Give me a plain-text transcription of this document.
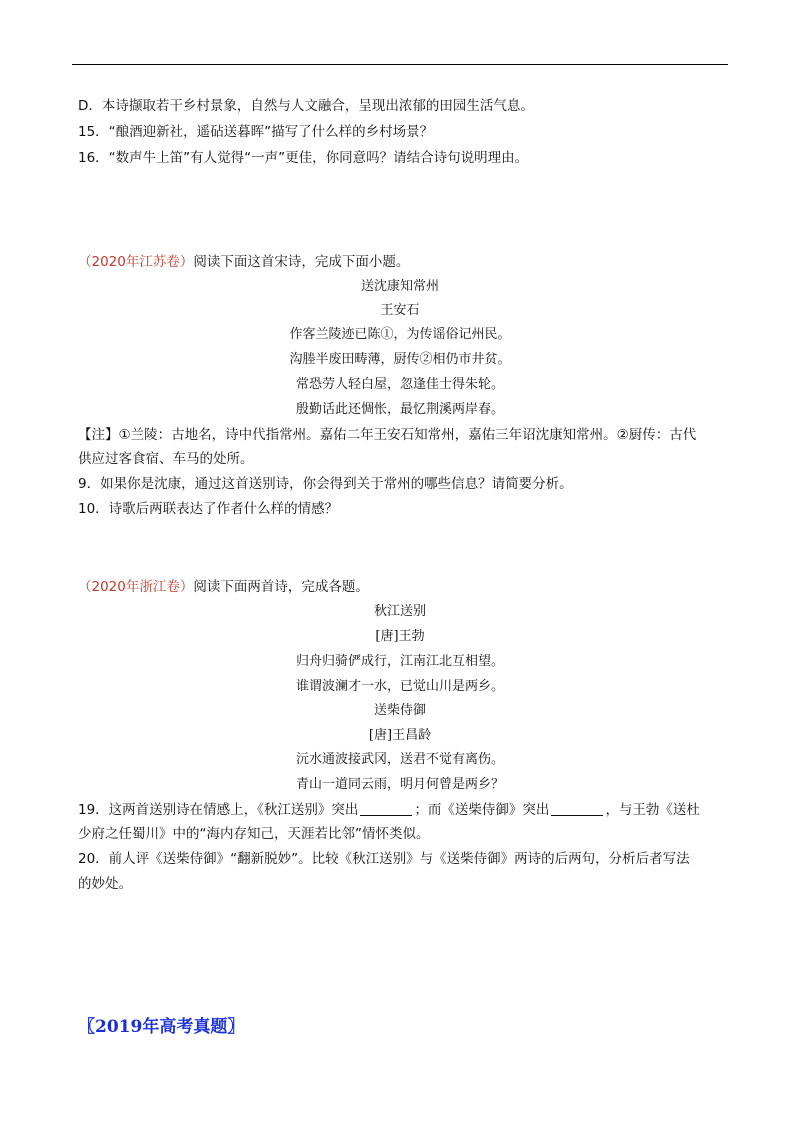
D．本诗撷取若干乡村景象，自然与人文融合，呈现出浓郁的田园生活气息。
15．“酿酒迎新社，遥砧送暮晖”描写了什么样的乡村场景？
16．“数声牛上笛”有人觉得“一声”更佳，你同意吗？请结合诗句说明理由。
（2020年江苏卷）阅读下面这首宋诗，完成下面小题。
送沈康知常州
王安石
作客兰陵迹已陈①，为传谣俗记州民。
沟塍半废田畴薄，厨传②相仍市井贫。
常恐劳人轻白屋，忽逢佳士得朱轮。
殷勤话此还惆怅，最忆荆溪两岸春。
【注】①兰陵：古地名，诗中代指常州。嘉佑二年王安石知常州，嘉佑三年诏沈康知常州。②厨传：古代
供应过客食宿、车马的处所。
9．如果你是沈康，通过这首送别诗，你会得到关于常州的哪些信息？请简要分析。
10．诗歌后两联表达了作者什么样的情感？
（2020年浙江卷）阅读下面两首诗，完成各题。
秋江送别
[唐]王勃
归舟归骑俨成行，江南江北互相望。
谁谓波澜才一水，已觉山川是两乡。
送柴侍御
[唐]王昌龄
沅水通波接武冈，送君不觉有离伤。
青山一道同云雨，明月何曾是两乡？
19．这两首送别诗在情感上，《秋江送别》突出	；而《送柴侍御》突出	，与王勃《送杜
少府之任蜀川》中的“海内存知己，天涯若比邻”情怀类似。
20．前人评《送柴侍御》“翻新脱妙”。比较《秋江送别》与《送柴侍御》两诗的后两句，分析后者写法
的妙处。
〖2019年高考真题〗
